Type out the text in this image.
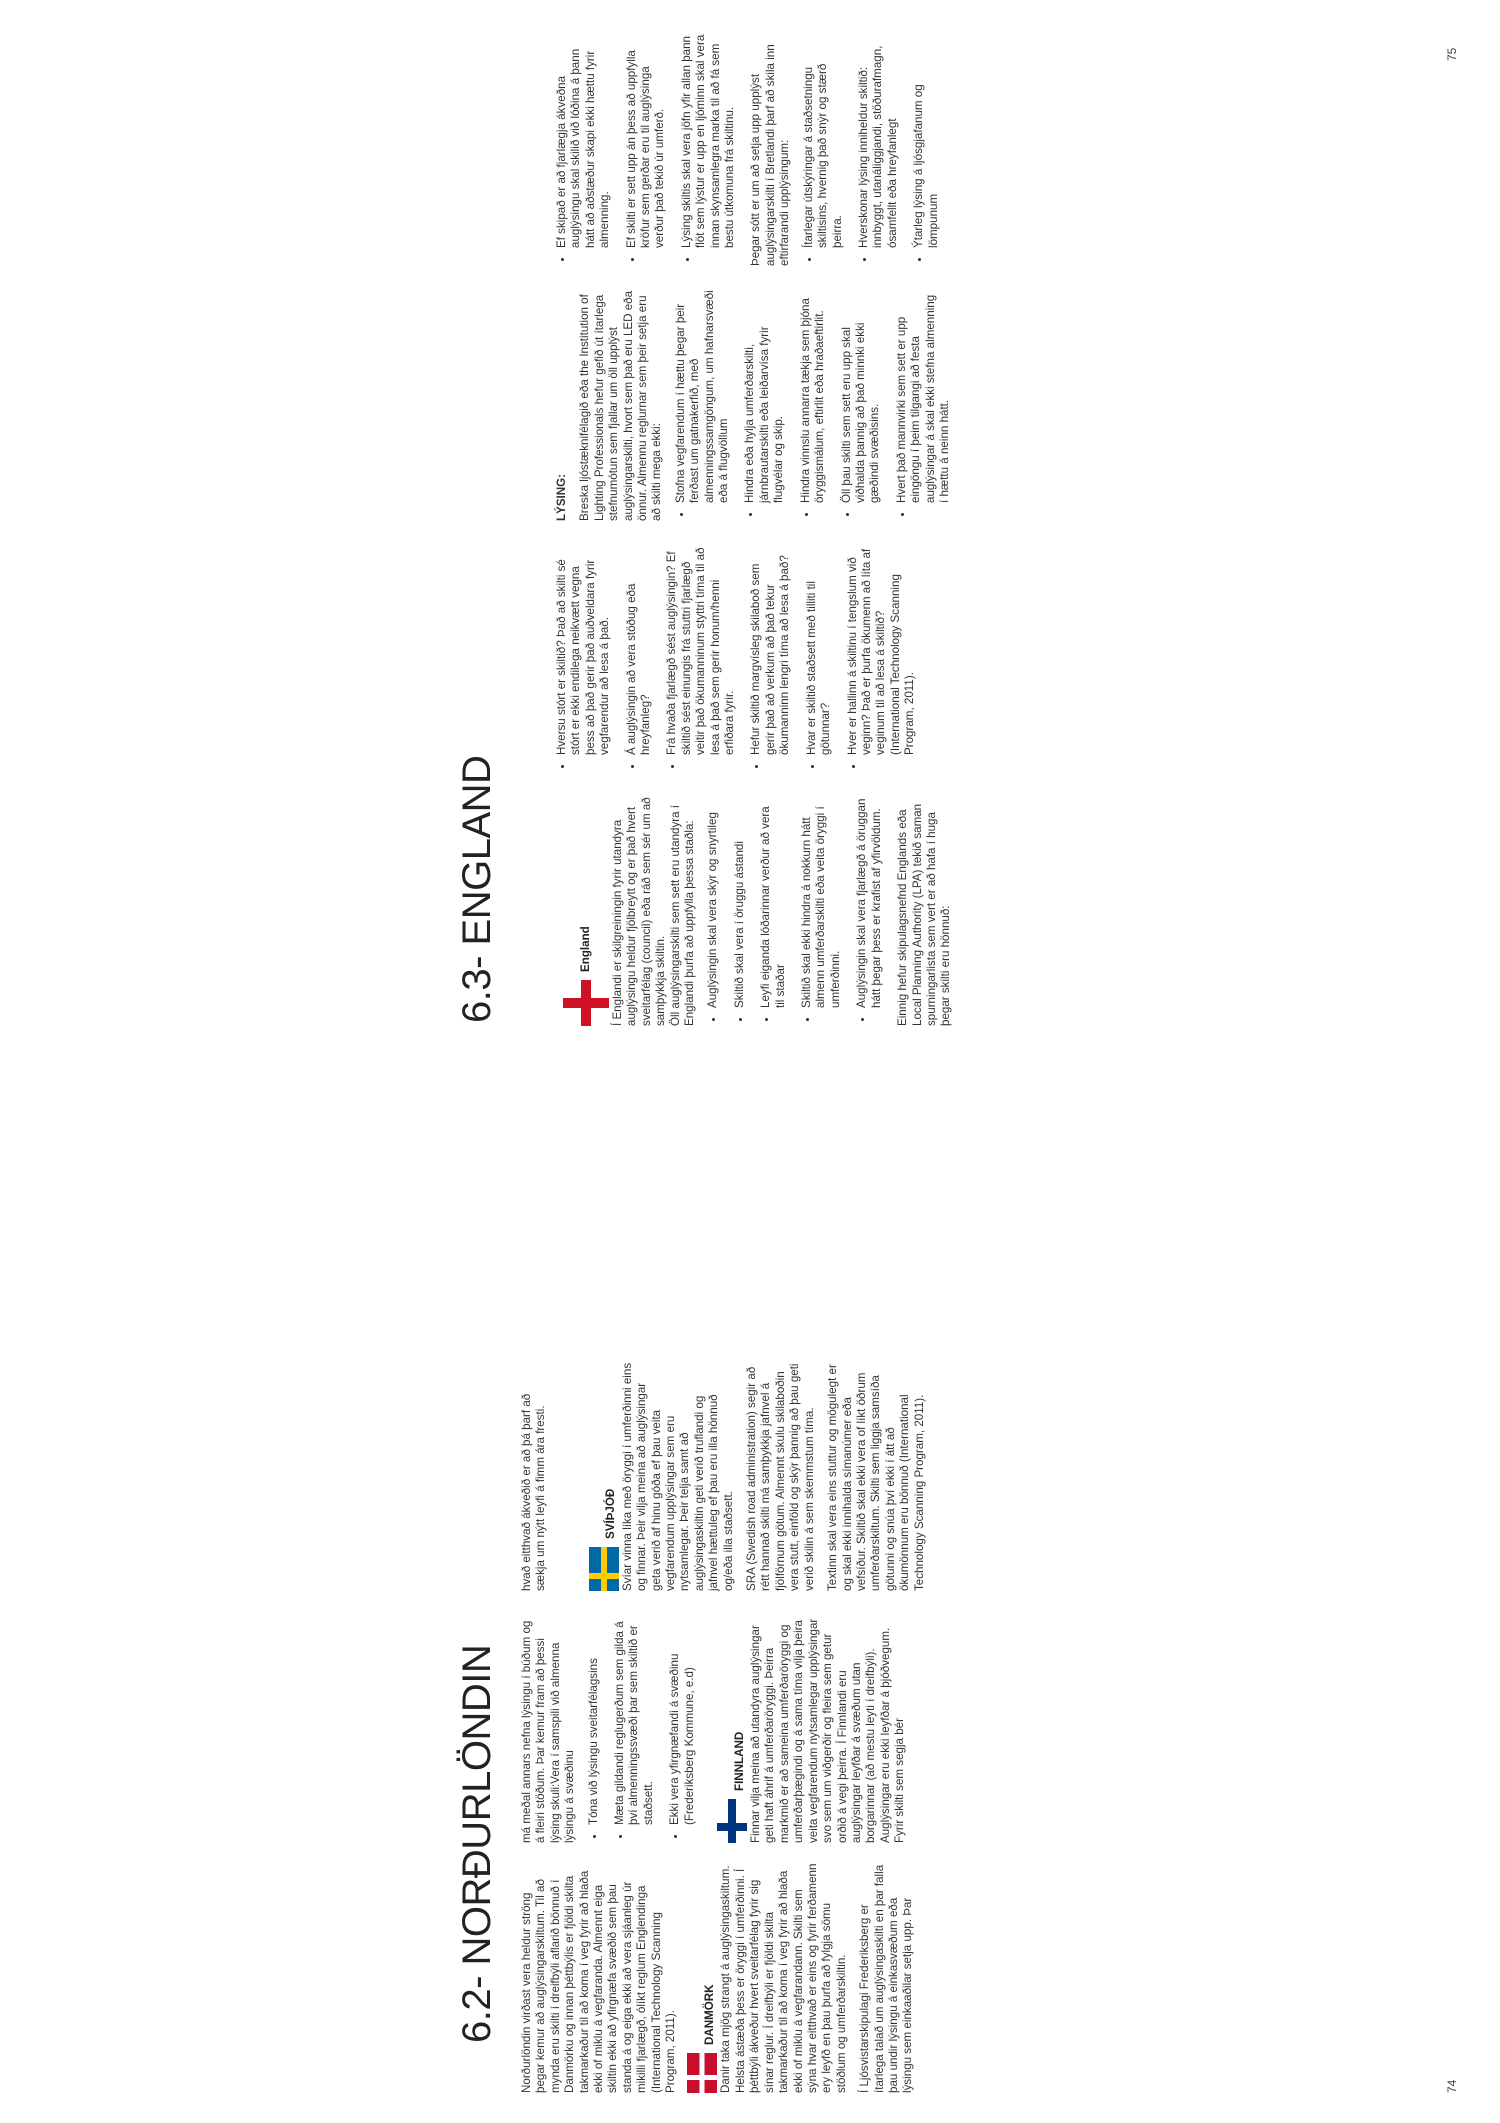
6.2- NORÐURLÖNDIN Norðurlöndin virðast vera heldur ströng þegar kemur að auglýsingarskiltum. Til að mynda eru skilti í dreifbýli aflarið bönnuð í Danmörku og innan þéttbýlis er fjöldi skilta takmarkaður til að koma í veg fyrir að hlaða ekki of miklu á vegfaranda. Almennt eiga skiltin ekki að yfirgnæfa svæðið sem þau standa á og eiga ekki að vera sjáanleg úr mikilli fjarlægð, ólíkt reglum Englendinga (International Technology Scanning Program, 2011). DANMÖRK Danir taka mjög strangt á auglýsingaskiltum. Helsta ástæða þess er öryggi í umferðinni. Í þéttbýli ákveður hvert sveitarfélag fyrir sig sínar reglur. Í dreifbýli er fjöldi skilta takmarkaður til að koma í veg fyrir að hlaða ekki of miklu á vegfarandann. Skilti sem sýna hvar eitthvað er eins og fyrir ferðamenn ery leyfð en þau þurfa að fylgja sömu stöðlum og umferðarskiltin. Í Ljósvistarskipulagi Frederiksberg er ítarlega talað um auglýsingaskilti en þar falla þau undir lýsingu á einkasvæðum eða lýsingu sem einkaaðilar setja upp. Þar

má meðal annars nefna lýsingu í búðum og á fleiri stöðum. Þar kemur fram að þessi lýsing skuli:Vera í samspili við almenna lýsingu á svæðinu • Tóna við lýsingu sveitarfélagsins • Mæta gildandi reglugerðum sem gilda á því almenningssvæði þar sem skiltið er staðsett. • Ekki vera yfirgnæfandi á svæðinu (Frederiksberg Kommune, e.d)	FINNLAND Finnar vilja meina að utandyra auglýsingar geti haft áhrif á umferðaröryggi. Þeirra markmið er að sameina umferðaröryggi og umferðarþægindi og á sama tíma vilja þeira veita vegfarendum nytsamlegar upplýsingar svo sem um viðgerðir og fleira sem getur orðið á vegi þeirra. Í Finnlandi eru auglýsingar leyfðar á svæðum utan borgarinnar (að mestu leyti í dreifbýli). Auglýsingar eru ekki leyfðar á þjóðvegum. Fyrir skilti sem segja bér

hvað eitthvað ákveðið er að þá þarf að sækja um nýtt leyfi á fimm ára fresti.	SVÍÞJÓÐ Svíar vinna líka með öryggi í umferðinni eins og finnar. Þeir vilja meina að auglýsingar geta verið af hinu góða ef þau veita vegfarendum upplýsingar sem eru nytsamlegar. Þeir telja samt að auglýsingaskiltin geti verið truflandi og jafnvel hættuleg ef þau eru illa hönnuð og/eða illa staðsett. SRA (Swedish road administration) segir að rétt hannað skilti má samþykkja jafnvel á fjölförnum götum. Almennt skulu skilaboðin vera stutt, einföld og skýr þannig að þau geti verið skilin á sem skemmstum tíma. Textinn skal vera eins stuttur og mögulegt er og skal ekki innihalda símanúmer eða vefsíður. Skiltið skal ekki vera of líkt öðrum umferðarskiltum. Skilti sem liggja samsíða götunni og snúa því ekki í átt að ökumönnum eru bönnuð (International Technology Scanning Program, 2011).

74
6.3- ENGLAND	England Í Englandi er skilgreiningin fyrir utandyra auglýsingu heldur fjölbreytt og er það hvert sveitarfélag (council) eða ráð sem sér um að samþykkja skiltin. Öll auglýsingarskilti sem sett eru utandyra í Englandi þurfa að uppfylla þessa staðla: • Auglýsingin skal vera skýr og snyrtileg • Skiltið skal vera í öruggu ástandi • Leyfi eiganda lóðarinnar verður að vera til staðar • Skiltið skal ekki hindra á nokkurn hátt almenn umferðarskilti eða veita öryggi í umferðinni. • Auglýsingin skal vera fjarlægð á öruggan hátt þegar þess er krafist af yfirvöldum. Einnig hefur skipulagsnefnd Englands eða Local Planning Authority (LPA) tekið saman spurningarlista sem vert er að hafa í huga þegar skilti eru hönnuð:

• Hversu stórt er skiltið? Það að skilti sé stórt er ekki endilega neikvætt vegna þess að það gerir það auðveldara fyrir vegfarendur að lesa á það. • Á auglýsingin að vera stöðug eða hreyfanleg? • Frá hvaða fjarlægð sést auglýsingin? Ef skiltið sést einungis frá stuttri fjarlægð veitir það ökumanninum styttri tíma til að lesa á það sem gerir honum/henni erfiðara fyrir. • Hefur skiltið margvísleg skilaboð sem gerir það að verkum að það tekur ökumanninn lengri tíma að lesa á það? • Hvar er skiltið staðsett með tilliti til götunnar? • Hver er hallinn á skiltinu í tengslum við veginn? Það er þurfa ökumenn að líta af veginum til að lesa á skiltið? (International Technology Scanning Program, 2011).

LÝSING: Breska ljóstæknifélagið eða the Institution of Lighting Professionals hefur gefið út ítarlega stefnumótun sem fjallar um öll upplýst auglýsingarskilti, hvort sem það eru LED eða önnur. Almennu reglurnar sem þeir setja eru að skilti mega ekki: • Stofna vegfarendum í hættu þegar þeir ferðast um gatnakerfið, með almenningssamgöngum, um hafnarsvæði eða á flugvöllum • Hindra eða hylja umferðarskilti, járnbrautarskilti eða leiðarvísa fyrir flugvélar og skip. • Hindra vinnslu annarra tækja sem þjóna öryggismálum, eftirlit eða hraðaeftirlit. • Öll þau skilti sem sett eru upp skal viðhalda þannig að það minnki ekki gæðindi svæðisins. • Hvert það mannvirki sem sett er upp eingöngu í þeim tilgangi að festa auglýsingar á skal ekki stefna almenning í hættu á neinn hátt.
• Ef skipað er að fjarlægja ákveðna auglýsingu skal skilið við lóðina á þann hátt að aðstæður skapi ekki hættu fyrir almenning. • Ef skilti er sett upp án þess að uppfylla kröfur sem gerðar eru til auglýsinga verður það tekið úr umferð. • Lýsing skiltis skal vera jöfn yfir allan þann flöt sem lýstur er upp en ljóminn skal vera innan skynsamlegra marka til að fá sem bestu útkomuna frá skiltinu. Þegar sótt er um að setja upp upplýst auglýsingarskilti í Bretlandi þarf að skila inn eftirfarandi upplýsingum: • Ítarlegar útskýringar á staðsetningu skiltisins, hvernig það snýr og stærð þeirra. • Hverskonar lýsing inniheldur skiltið: innbyggt, utanáliggjandi, stöðurafmagn, ósamfellt eða hreyfanlegt • Ýtarleg lýsing á ljósgjafanum og lömpunum
75
